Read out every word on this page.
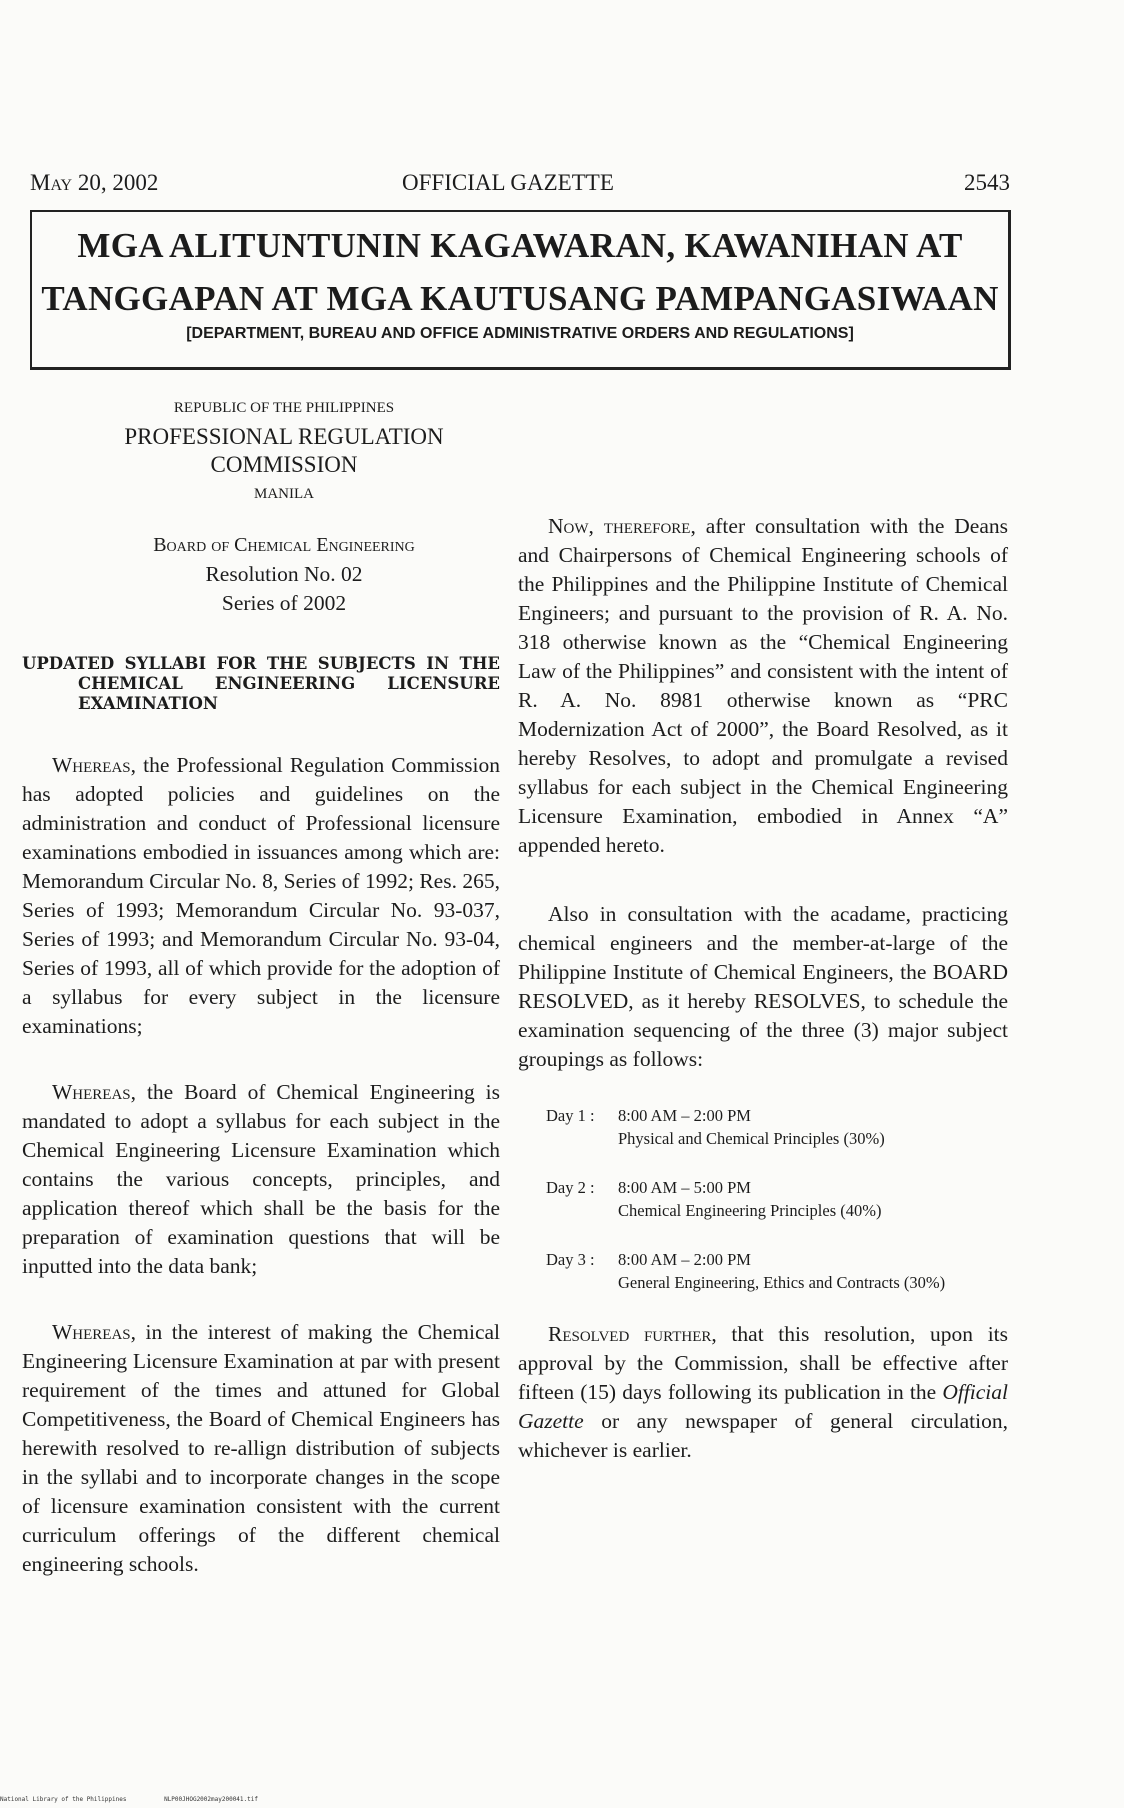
May 20, 2002	OFFICIAL GAZETTE	2543
MGA ALITUNTUNIN KAGAWARAN, KAWANIHAN AT
TANGGAPAN AT MGA KAUTUSANG PAMPANGASIWAAN
[DEPARTMENT, BUREAU AND OFFICE ADMINISTRATIVE ORDERS AND REGULATIONS]
REPUBLIC OF THE PHILIPPINES
PROFESSIONAL REGULATION
COMMISSION
MANILA
Board of Chemical Engineering
Resolution No. 02
Series of 2002
UPDATED SYLLABI FOR THE SUBJECTS IN THE CHEMICAL ENGINEERING LICENSURE EXAMINATION

Whereas, the Professional Regulation Commission has adopted policies and guidelines on the administration and conduct of Professional licensure examinations embodied in issuances among which are: Memorandum Circular No. 8, Series of 1992; Res. 265, Series of 1993; Memorandum Circular No. 93-037, Series of 1993; and Memorandum Circular No. 93-04, Series of 1993, all of which provide for the adoption of a syllabus for every subject in the licensure examinations;

Whereas, the Board of Chemical Engineering is mandated to adopt a syllabus for each subject in the Chemical Engineering Licensure Examination which contains the various concepts, principles, and application thereof which shall be the basis for the preparation of examination questions that will be inputted into the data bank;

Whereas, in the interest of making the Chemical Engineering Licensure Examination at par with present requirement of the times and attuned for Global Competitiveness, the Board of Chemical Engineers has herewith resolved to re-allign distribution of subjects in the syllabi and to incorporate changes in the scope of licensure examination consistent with the current curriculum offerings of the different chemical engineering schools.

Now, therefore, after consultation with the Deans and Chairpersons of Chemical Engineering schools of the Philippines and the Philippine Institute of Chemical Engineers; and pursuant to the provision of R. A. No. 318 otherwise known as the “Chemical Engineering Law of the Philippines” and consistent with the intent of R. A. No. 8981 otherwise known as “PRC Modernization Act of 2000”, the Board Resolved, as it hereby Resolves, to adopt and promulgate a revised syllabus for each subject in the Chemical Engineering Licensure Examination, embodied in Annex “A” appended hereto.

Also in consultation with the acadame, practicing chemical engineers and the member-at-large of the Philippine Institute of Chemical Engineers, the BOARD RESOLVED, as it hereby RESOLVES, to schedule the examination sequencing of the three (3) major subject groupings as follows:

Day 1 : 8:00 AM – 2:00 PM
Physical and Chemical Principles (30%)
Day 2 : 8:00 AM – 5:00 PM
Chemical Engineering Principles (40%)
Day 3 : 8:00 AM – 2:00 PM
General Engineering, Ethics and Contracts (30%)

Resolved further, that this resolution, upon its approval by the Commission, shall be effective after fifteen (15) days following its publication in the Official Gazette or any newspaper of general circulation, whichever is earlier.

National Library of the Philippines	NLP00JHOG2002may200041.tif
